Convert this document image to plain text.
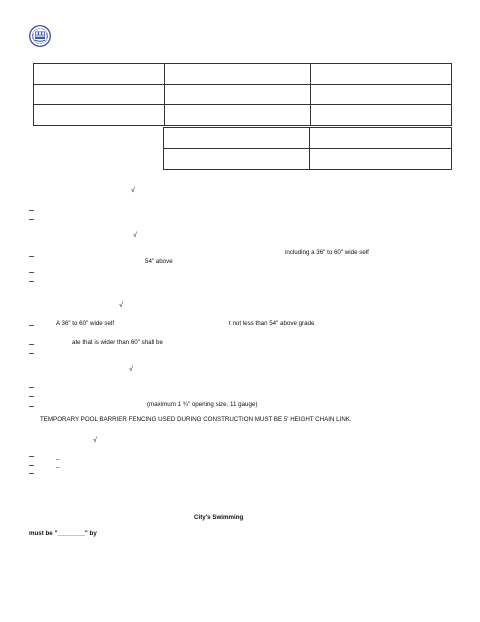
√
√
including a 36" to 60" wide self
54" above
√
A 36" to 60" wide self	t not less than 54" above grade
ate that is wider than 60" shall be
√
(maximum 1 ¾" opening size, 11 gauge)
TEMPORARY POOL BARRIER FENCING USED DURING CONSTRUCTION MUST BE 5' HEIGHT CHAIN LINK.
√
–
–
City's Swimming
must be "________" by
